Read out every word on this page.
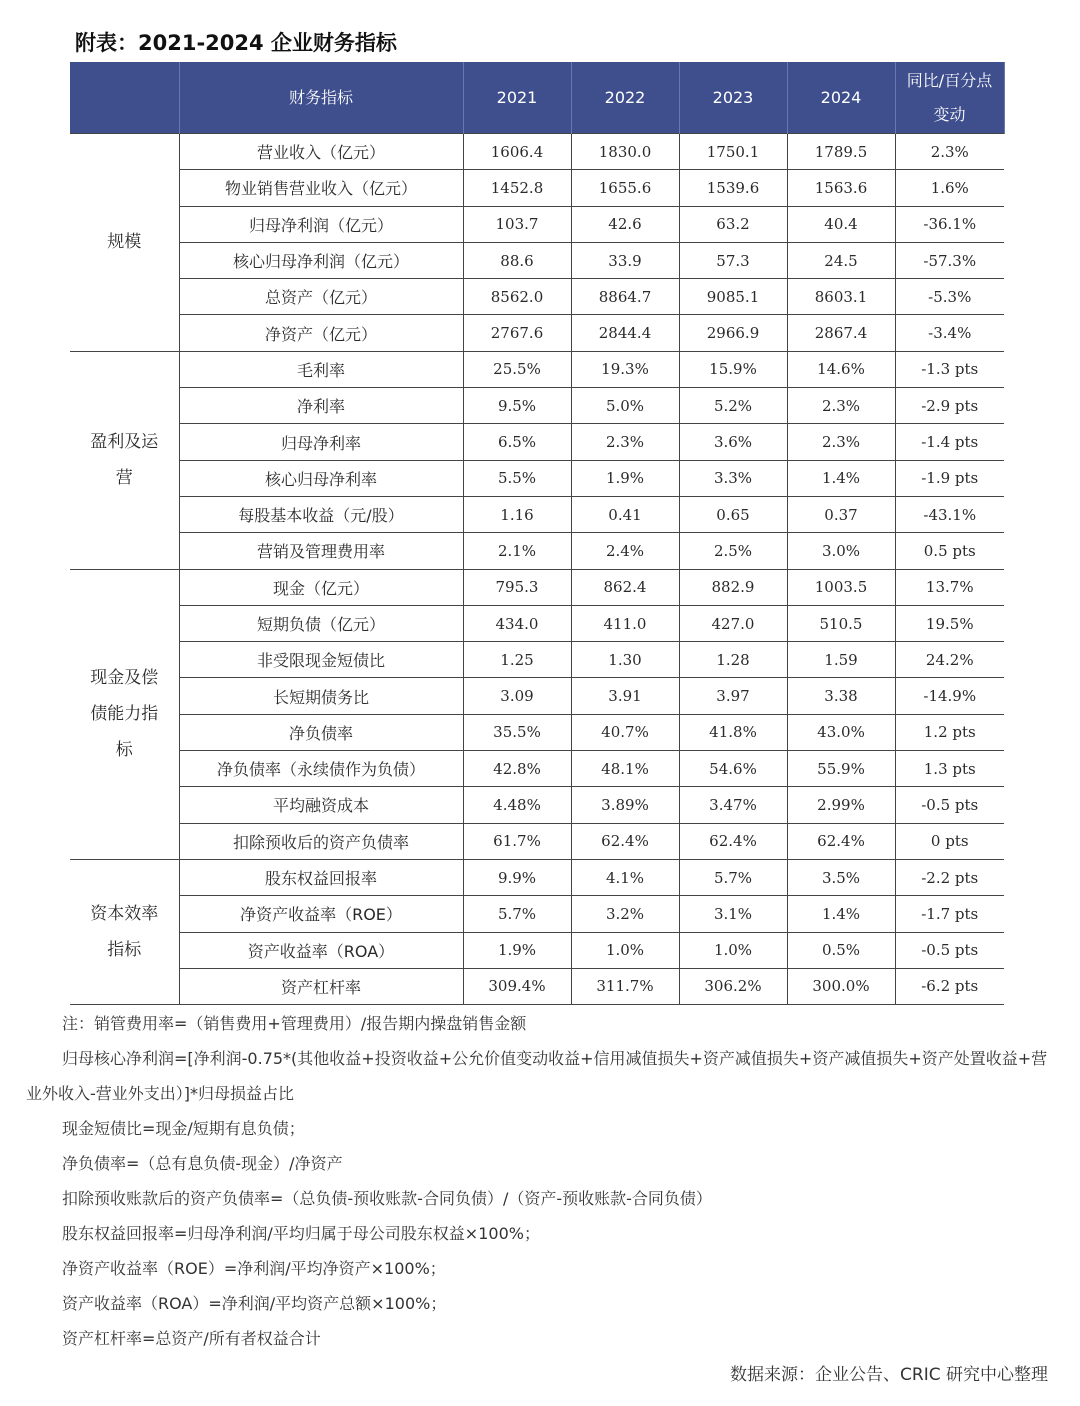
附表：2021-2024 企业财务指标
	财务指标	2021	2022	2023	2024	同比/百分点变动
规模	营业收入（亿元）	1606.4	1830.0	1750.1	1789.5	2.3%
	物业销售营业收入（亿元）	1452.8	1655.6	1539.6	1563.6	1.6%
	归母净利润（亿元）	103.7	42.6	63.2	40.4	-36.1%
	核心归母净利润（亿元）	88.6	33.9	57.3	24.5	-57.3%
	总资产（亿元）	8562.0	8864.7	9085.1	8603.1	-5.3%
	净资产（亿元）	2767.6	2844.4	2966.9	2867.4	-3.4%
盈利及运营	毛利率	25.5%	19.3%	15.9%	14.6%	-1.3 pts
	净利率	9.5%	5.0%	5.2%	2.3%	-2.9 pts
	归母净利率	6.5%	2.3%	3.6%	2.3%	-1.4 pts
	核心归母净利率	5.5%	1.9%	3.3%	1.4%	-1.9 pts
	每股基本收益（元/股）	1.16	0.41	0.65	0.37	-43.1%
	营销及管理费用率	2.1%	2.4%	2.5%	3.0%	0.5 pts
现金及偿债能力指标	现金（亿元）	795.3	862.4	882.9	1003.5	13.7%
	短期负债（亿元）	434.0	411.0	427.0	510.5	19.5%
	非受限现金短债比	1.25	1.30	1.28	1.59	24.2%
	长短期债务比	3.09	3.91	3.97	3.38	-14.9%
	净负债率	35.5%	40.7%	41.8%	43.0%	1.2 pts
	净负债率（永续债作为负债）	42.8%	48.1%	54.6%	55.9%	1.3 pts
	平均融资成本	4.48%	3.89%	3.47%	2.99%	-0.5 pts
	扣除预收后的资产负债率	61.7%	62.4%	62.4%	62.4%	0 pts
资本效率指标	股东权益回报率	9.9%	4.1%	5.7%	3.5%	-2.2 pts
	净资产收益率（ROE）	5.7%	3.2%	3.1%	1.4%	-1.7 pts
	资产收益率（ROA）	1.9%	1.0%	1.0%	0.5%	-0.5 pts
	资产杠杆率	309.4%	311.7%	306.2%	300.0%	-6.2 pts
注：销管费用率=（销售费用+管理费用）/报告期内操盘销售金额
归母核心净利润=[净利润-0.75*(其他收益+投资收益+公允价值变动收益+信用减值损失+资产减值损失+资产减值损失+资产处置收益+营业外收入-营业外支出）]*归母损益占比
现金短债比=现金/短期有息负债；
净负债率=（总有息负债-现金）/净资产
扣除预收账款后的资产负债率=（总负债-预收账款-合同负债）/（资产-预收账款-合同负债）
股东权益回报率=归母净利润/平均归属于母公司股东权益×100%；
净资产收益率（ROE）=净利润/平均净资产×100%；
资产收益率（ROA）=净利润/平均资产总额×100%；
资产杠杆率=总资产/所有者权益合计
数据来源：企业公告、CRIC 研究中心整理
